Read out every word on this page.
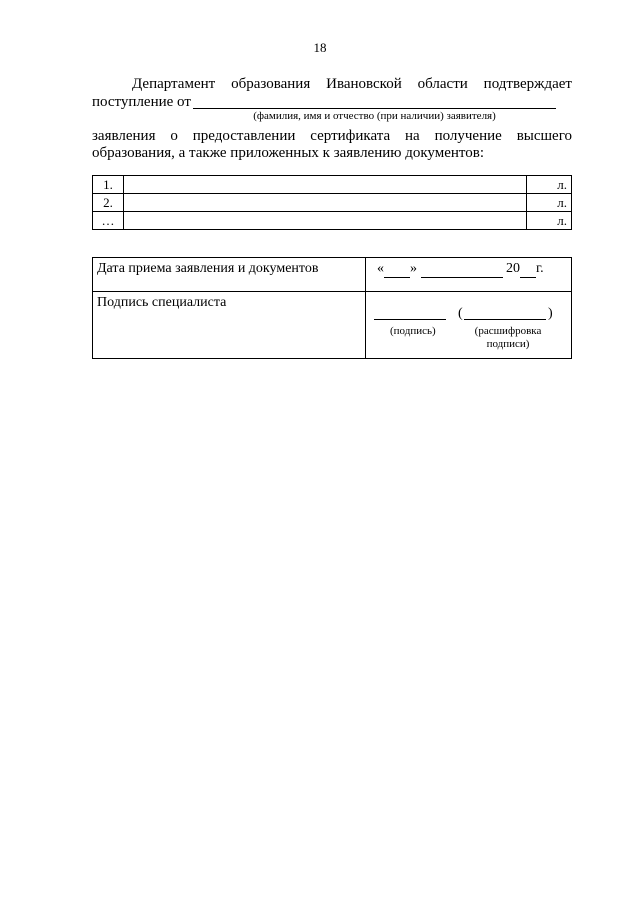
18
Департамент образования Ивановской области подтверждает
поступление от
(фамилия, имя и отчество (при наличии) заявителя)
заявления о предоставлении сертификата на получение высшего
образования, а также приложенных к заявлению документов:
1.		л.
2.		л.
…		л.
Дата приема заявления и документов	« » 20 г.
Подпись специалиста	( )
(подпись) (расшифровка подписи)
